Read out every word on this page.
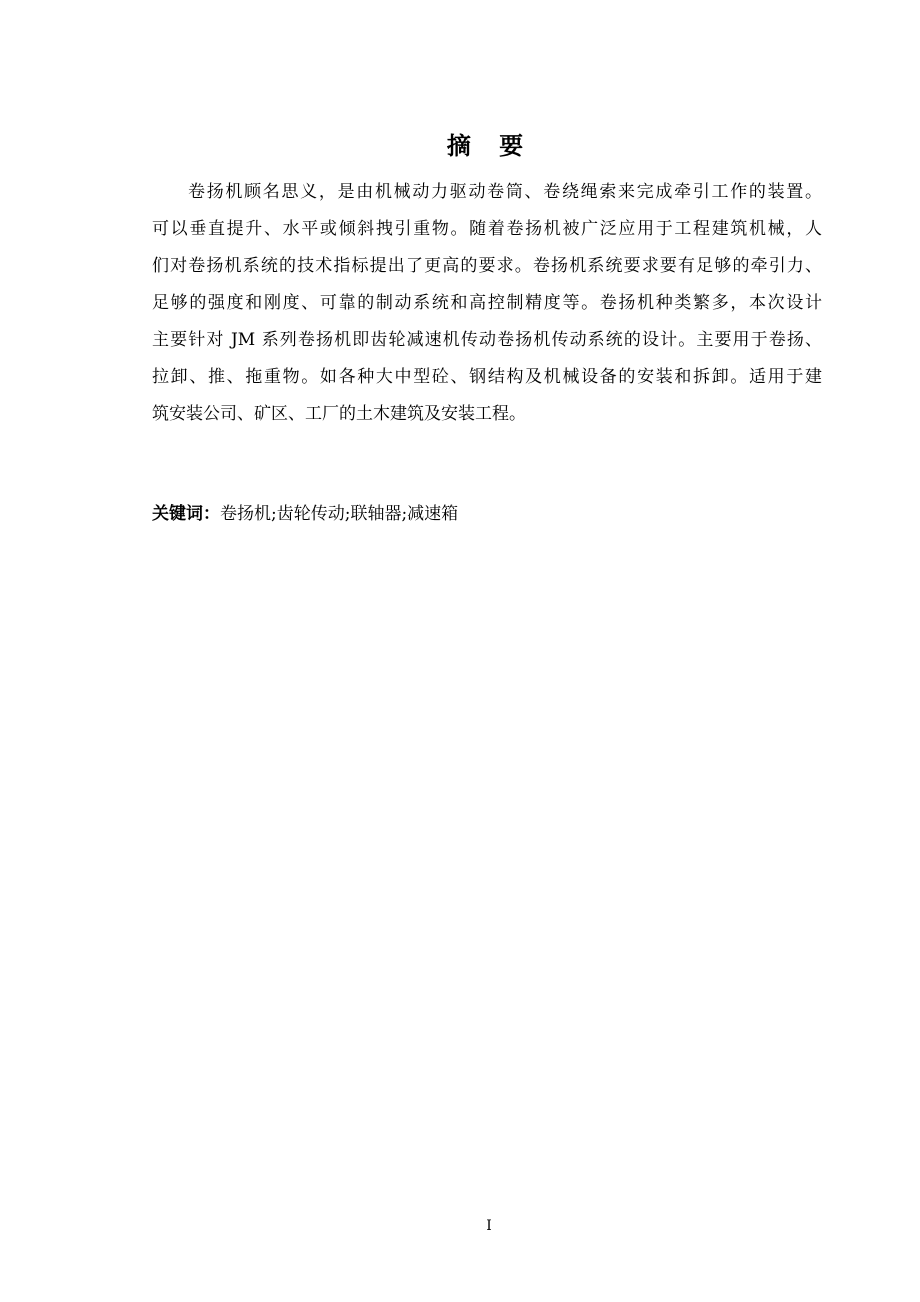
摘 要
卷扬机顾名思义，是由机械动力驱动卷筒、卷绕绳索来完成牵引工作的装置。
可以垂直提升、水平或倾斜拽引重物。随着卷扬机被广泛应用于工程建筑机械，人
们对卷扬机系统的技术指标提出了更高的要求。卷扬机系统要求要有足够的牵引力、
足够的强度和刚度、可靠的制动系统和高控制精度等。卷扬机种类繁多，本次设计
主要针对 JM 系列卷扬机即齿轮减速机传动卷扬机传动系统的设计。主要用于卷扬、
拉卸、推、拖重物。如各种大中型砼、钢结构及机械设备的安装和拆卸。适用于建
筑安装公司、矿区、工厂的土木建筑及安装工程。
关键词：卷扬机;齿轮传动;联轴器;减速箱
I
